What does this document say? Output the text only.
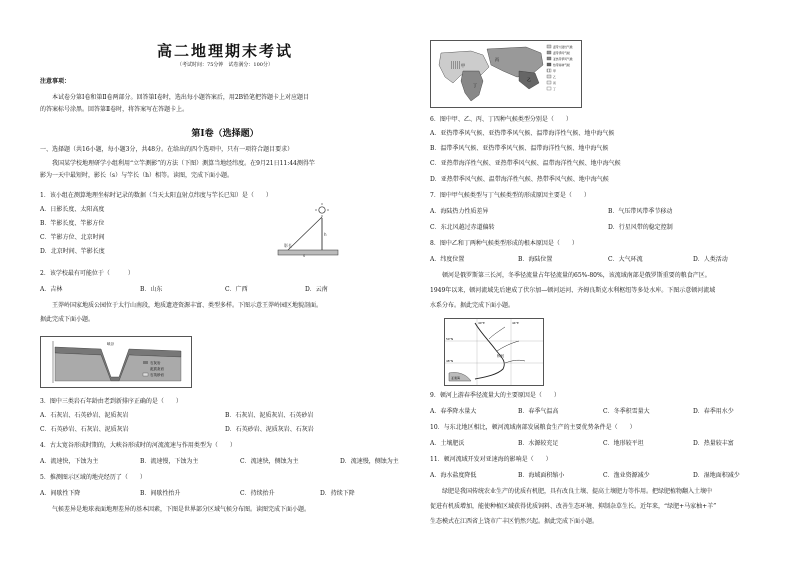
高二地理期末考试
（考试时间：75分钟　试卷满分：100分）
注意事项：
本试卷分第Ⅰ卷和第Ⅱ卷两部分。回答第Ⅰ卷时，选出每小题答案后，用2B铅笔把答题卡上对应题目
的答案标号涂黑。回答第Ⅱ卷时，将答案写在答题卡上。
第Ⅰ卷（选择题）
一、选择题（共16小题，每小题3分，共48分。在给出的四个选项中，只有一项符合题目要求）
我国某学校地理研学小组利用“立竿测影”的方法（下图）测算当地经纬度。在9月21日11:44测得竿
影为一天中最短时，影长（s）与竿长（h）相等。读图，完成下面小题。
1．该小组在测算地理坐标时记录的数据（当天太阳直射点纬度与竿长已知）是（　　）
A．日影长度、太阳高度
B．竿影长度、竿影方位
C．竿影方位、北京时间
D．北京时间、竿影长度
影长
h
s
2．该学校最有可能位于（　　　）
A．吉林	B．山东	C．广西	D．云南
王莽岭国家地质公园位于太行山南段，地质遗迹资源丰富、类型多样。下图示意王莽岭园区地貌剖面。
据此完成下面小题。
石灰岩
泥质灰岩
石英砂岩
峡谷
3．图中三类岩石年龄由老到新排序正确的是（　　）
A．石灰岩、石英砂岩、泥质灰岩	B．石灰岩、泥质灰岩、石英砂岩
C．石英砂岩、石灰岩、泥质灰岩	D．石英砂岩、泥质灰岩、石灰岩
4．古太宽谷形成时期的，大峡谷形成时的河流流速与作用类型为（　　）
A．流速快，下蚀为主	B．流速慢，下蚀为主	C．流速快，侧蚀为主	D．流速慢，侧蚀为主
5．推测图示区域的地壳经历了（　　）
A．间歇性下降	B．间歇性抬升	C．持续抬升	D．持续下降
气候差异是地球表面地理差异的基本因素，下图是世界部分区域气候分布图。读图完成下面小题。
甲
乙
丙
丁
温带大陆性气候
温带季风气候
亚热带季风气候
热带雨林气候
甲
乙
丙
丁
6．图中甲、乙、丙、丁四种气候类型分别是（　　）
A．亚热带季风气候、亚热带季风气候、温带海洋性气候、地中海气候
B．温带季风气候、亚热带季风气候、温带海洋性气候、地中海气候
C．亚热带海洋性气候、亚热带季风气候、温带海洋性气候、地中海气候
D．亚热带季风气候、温带海洋性气候、热带季风气候、地中海气候
7．图中甲气候类型与丁气候类型的形成原因主要是（　　）
A．海陆热力性质差异	B．气压带风带季节移动
C．东北风越过赤道偏转	D．行星风带的稳定控制
8．图中乙和丁两种气候类型形成的根本原因是（　　）
A．纬度位置	B．海陆位置	C．大气环流	D．人类活动
顿河是俄罗斯第三长河，冬季径流量占年径流量的65%-80%，该流域南部是俄罗斯重要的粮食产区。
1949年以来，顿河流域先后建成了伏尔加—顿河运河、齐姆良斯克水利枢纽等多处水库。下图示意顿河流域
水系分布。据此完成下面小题。
顿河
亚速海
50°N
48°N
40°E	44°E
9．顿河上游春季径流量大的主要原因是（　　）
A．春季降水量大	B．春季气温高	C．冬季积雪量大	D．春季用水少
10．与东北地区相比，顿河流域南部发展粮食生产的主要优势条件是（　　）
A．土壤肥沃	B．水源较充足	C．地形较平坦	D．热量较丰富
11．顿河流域开发对亚速海的影响是（　　）
A．海水盐度降低	B．海域面积缩小	C．渔业资源减少	D．湿地面积减少
绿肥是我国传统农业生产的优质有机肥，具有改良土壤、提高土壤肥力等作用。把绿肥植物翻入土壤中
促进有机质增加，能使种植区域获得优质饲料、改善生态环境、抑制杂草生长。近年来，“绿肥+马家柚+羊”
生态模式在江西省上饶市广丰区悄然兴起。据此完成下面小题。
